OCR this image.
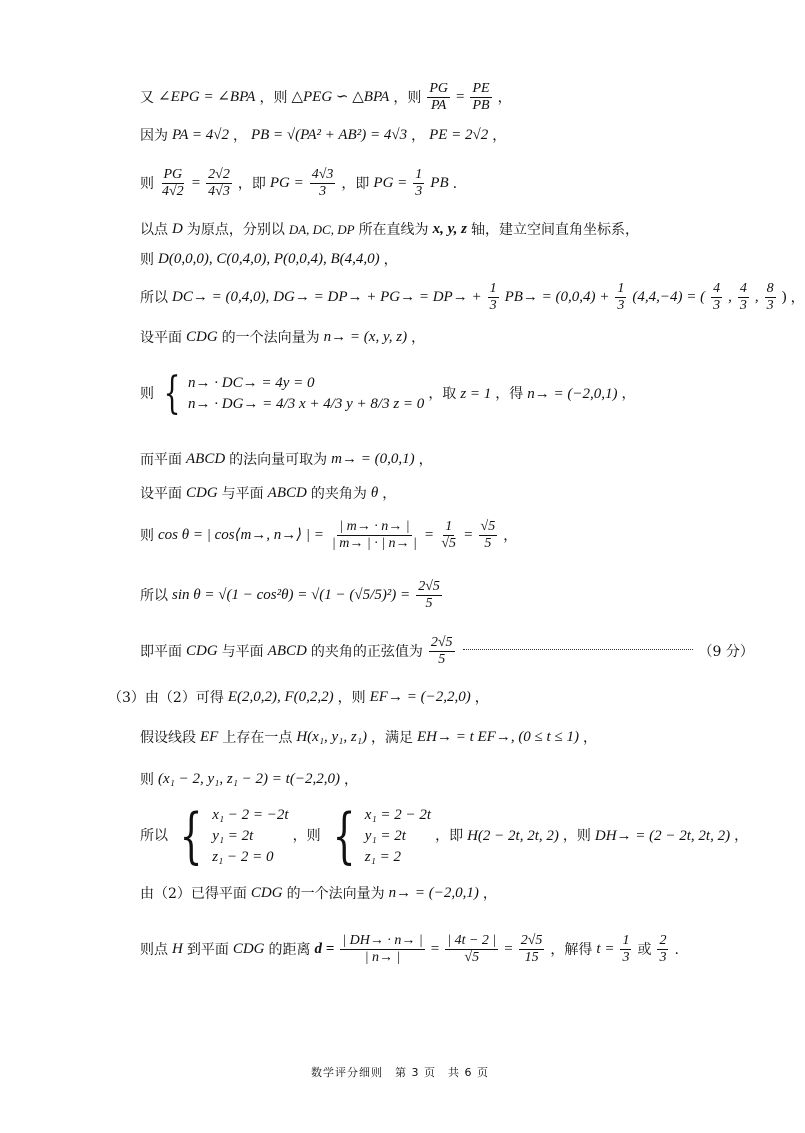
又 ∠EPG = ∠BPA ，则 △PEG ∽ △BPA ，则 $\frac{PG}{PA} = \frac{PE}{PB}$ ，
因为 PA = 4√2 ， PB = √(PA² + AB²) = 4√3 ， PE = 2√2 ，
则 $\frac{PG}{4√2} = \frac{2√2}{4√3}$ ，即 PG = $\frac{4√3}{3}$ ，即 PG = $\frac{1}{3}$ PB .
以点 D 为原点，分别以 DA, DC, DP 所在直线为 x, y, z 轴，建立空间直角坐标系，
则 D(0,0,0), C(0,4,0), P(0,0,4), B(4,4,0) ，
所以 DC→ = (0,4,0), $DG\to = DP\to + PG\to = DP\to + \frac{1}{3} PB\to = (0,0,4) + \frac{1}{3} (4,4,-4)$ = ( $\frac{4}{3}$ , $\frac{4}{3}$ , $\frac{8}{3}$ ) ，
设平面 CDG 的一个法向量为 n→ = (x, y, z) ，
则 { n→ · DC→ = 4y = 0
n→ · DG→ = 4/3 x + 4/3 y + 8/3 z = 0
，取 z = 1 ，得 n→ = (−2,0,1) ，
而平面 ABCD 的法向量可取为 m→ = (0,0,1) ，
设平面 CDG 与平面 ABCD 的夹角为 θ ，
则 cos θ = | cos⟨m→, n→⟩ | = $\frac{| m\to \cdot n\to |}{| m\to | \cdot | n\to |} = \frac{1}{√5} = \frac{√5}{5}$ ，
所以 $\sin \theta = √(1 - \cos^2\theta) = √(1 - (√5/5)^2) = \frac{2√5}{5}$
即平面 CDG 与平面 ABCD 的夹角的正弦值为 $\frac{2√5}{5}$	（9 分）
（3）由（2）可得 E(2,0,2), F(0,2,2) ，则 EF→ = (−2,2,0) ，
假设线段 EF 上存在一点 H(x₁, y₁, z₁) ，满足 EH→ = t EF→, (0 ≤ t ≤ 1) ，
则 (x₁ − 2, y₁, z₁ − 2) = t(−2,2,0) ，
所以 { x₁ − 2 = −2t
y₁ = 2t
z₁ − 2 = 0
，则 { x₁ = 2 − 2t
y₁ = 2t
z₁ = 2
，即 H(2 − 2t, 2t, 2) ，则 DH→ = (2 − 2t, 2t, 2) ，
由（2）已得平面 CDG 的一个法向量为 n→ = (−2,0,1) ，
则点 H 到平面 CDG 的距离 $d = \frac{| DH\to \cdot n\to |}{| n\to |} = \frac{| 4t - 2 |}{√5} = \frac{2√5}{15}$ ，解得 $t = \frac{1}{3}$ 或 $\frac{2}{3}$ .
数学评分细则　第 3 页　共 6 页
